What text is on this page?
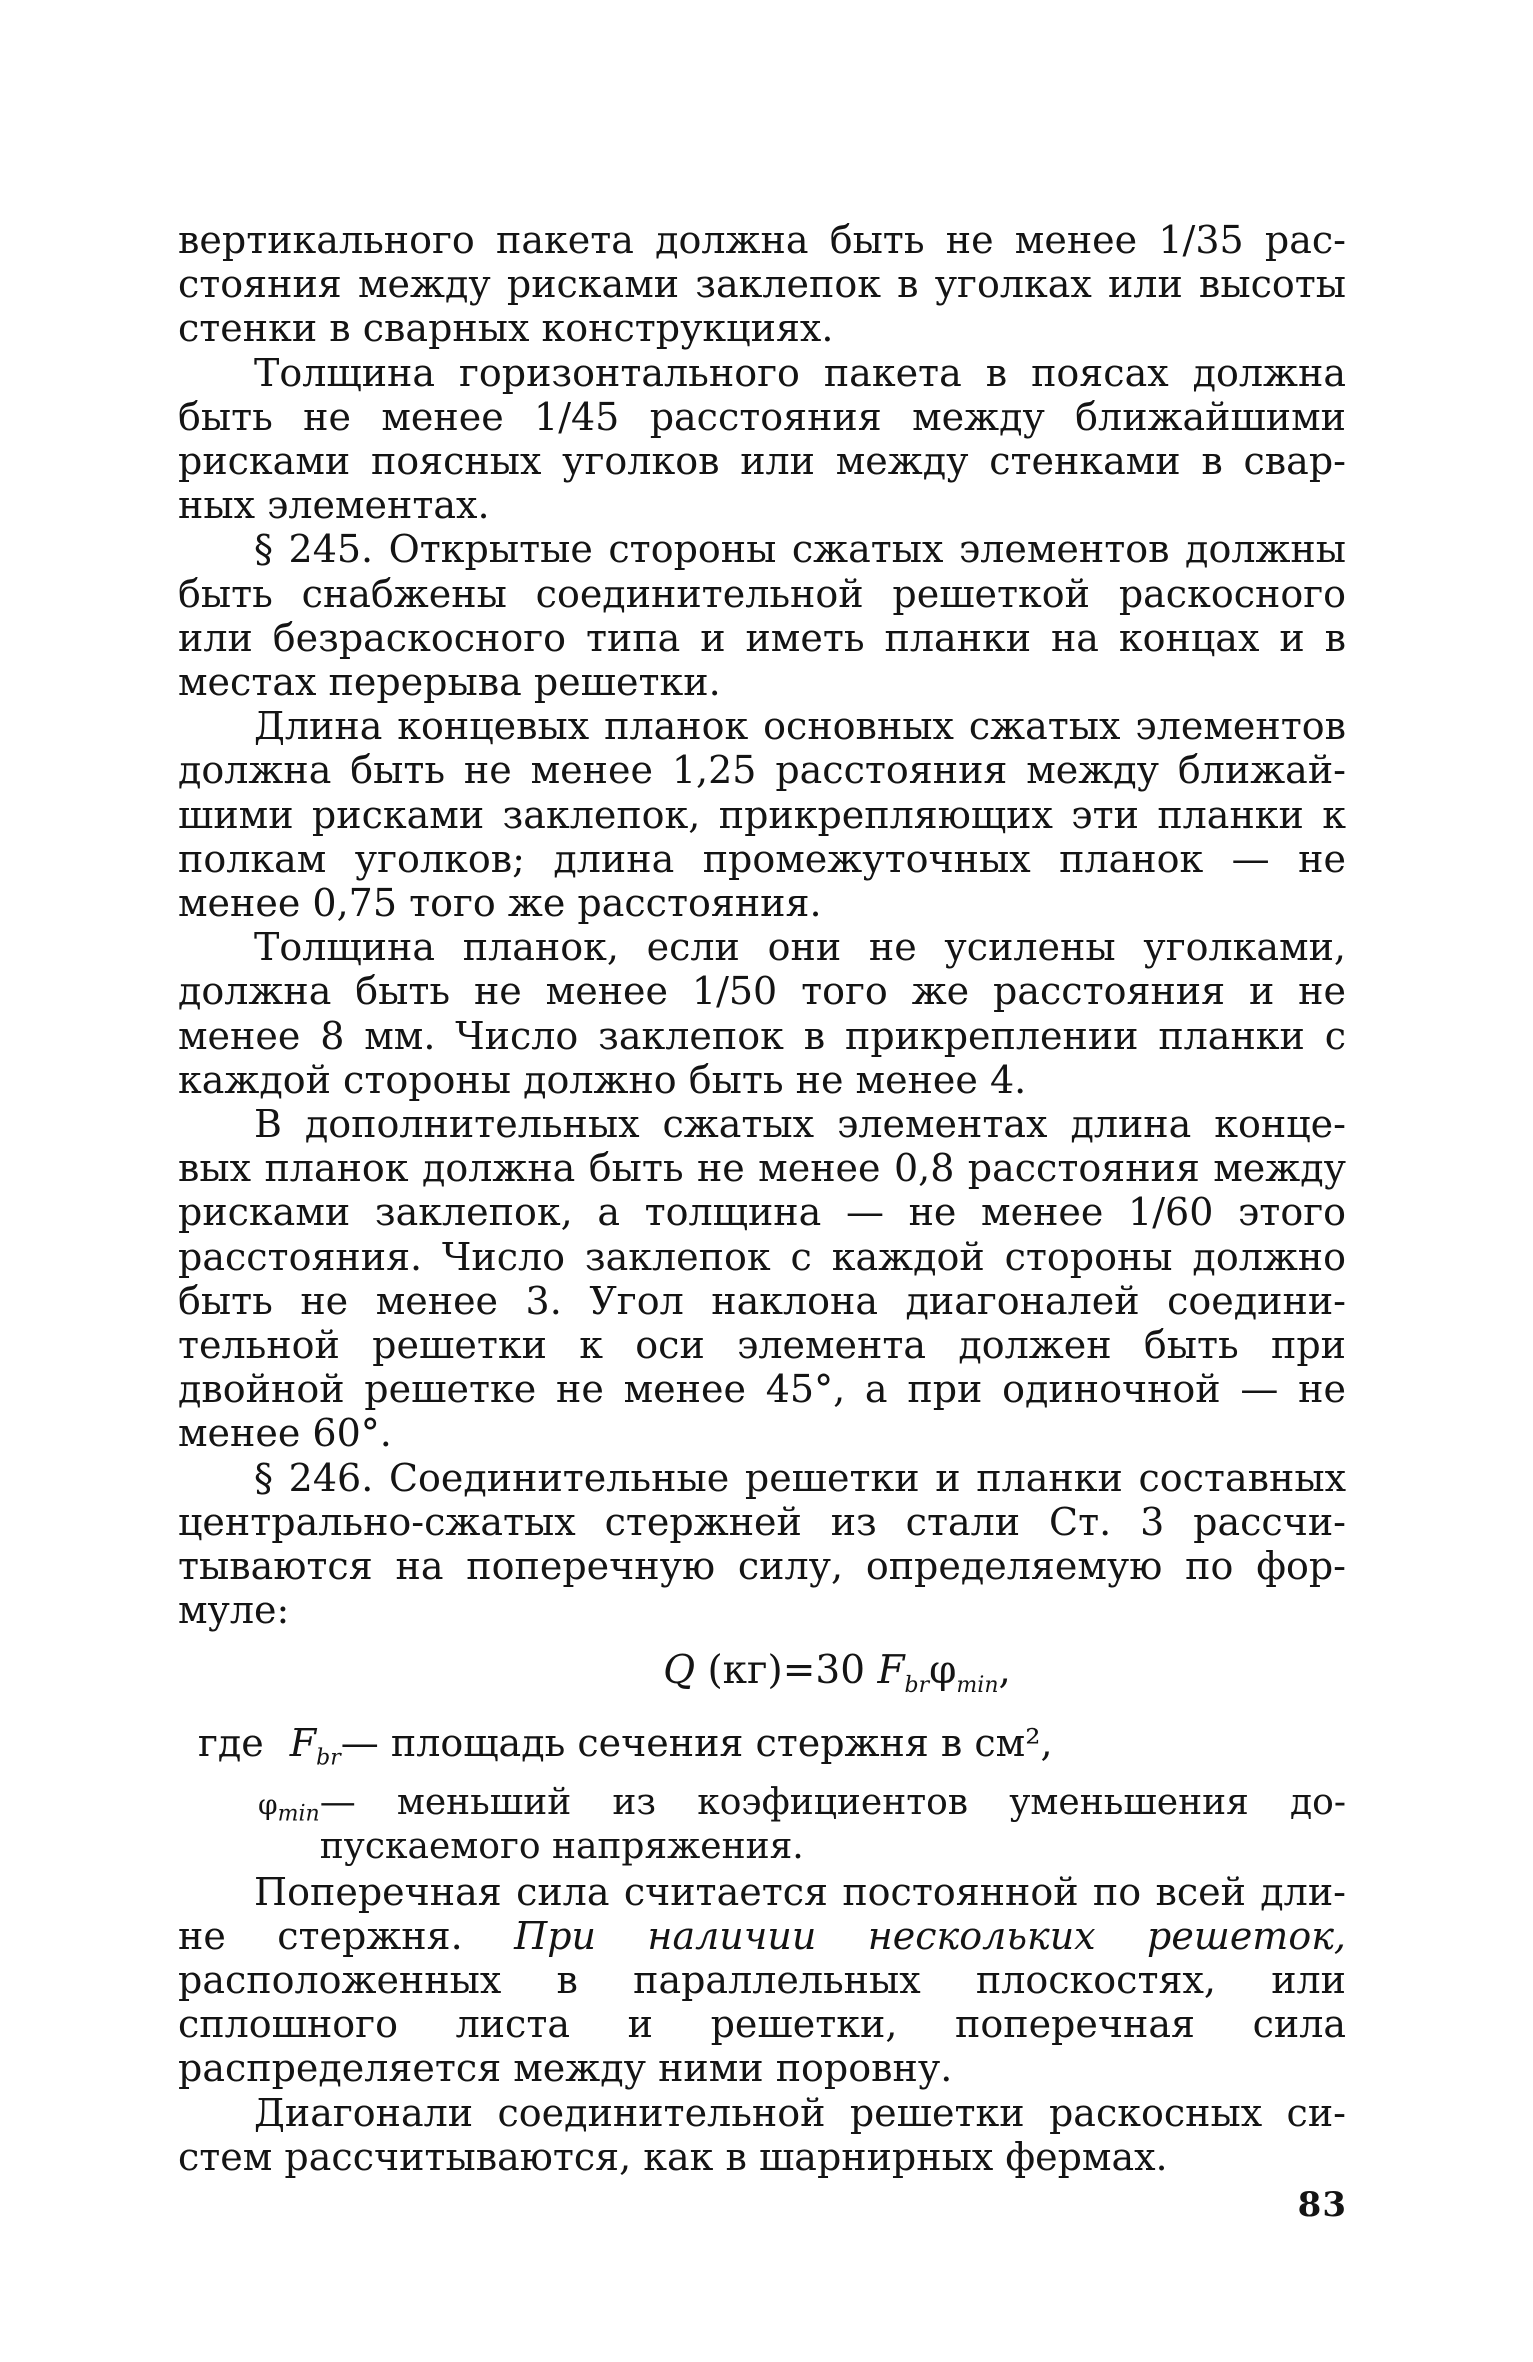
вертикального пакета должна быть не менее 1/35 расстояния между рисками заклепок в уголках или высоты стенки в сварных конструкциях.

Толщина горизонтального пакета в поясах должна быть не менее 1/45 расстояния между ближайшими рисками поясных уголков или между стенками в сварных элементах.

§ 245. Открытые стороны сжатых элементов должны быть снабжены соединительной решеткой раскосного или безраскосного типа и иметь планки на концах и в местах перерыва решетки.

Длина концевых планок основных сжатых элементов должна быть не менее 1,25 расстояния между ближайшими рисками заклепок, прикрепляющих эти планки к полкам уголков; длина промежуточных планок — не менее 0,75 того же расстояния.

Толщина планок, если они не усилены уголками, должна быть не менее 1/50 того же расстояния и не менее 8 мм. Число заклепок в прикреплении планки с каждой стороны должно быть не менее 4.

В дополнительных сжатых элементах длина концевых планок должна быть не менее 0,8 расстояния между рисками заклепок, а толщина — не менее 1/60 этого расстояния. Число заклепок с каждой стороны должно быть не менее 3. Угол наклона диагоналей соединительной решетки к оси элемента должен быть при двойной решетке не менее 45°, а при одиночной — не менее 60°.

§ 246. Соединительные решетки и планки составных центрально-сжатых стержней из стали Ст. 3 рассчитываются на поперечную силу, определяемую по формуле:

Q (кг)=30 $F_{br}\varphi_{min}$,
где $F_{br}$ — площадь сечения стержня в см²,
$\varphi_{min}$ — меньший из коэфициентов уменьшения допускаемого напряжения.

Поперечная сила считается постоянной по всей длине стержня. При наличии нескольких решеток, расположенных в параллельных плоскостях, или сплошного листа и решетки, поперечная сила распределяется между ними поровну.

Диагонали соединительной решетки раскосных систем рассчитываются, как в шарнирных фермах.

83
